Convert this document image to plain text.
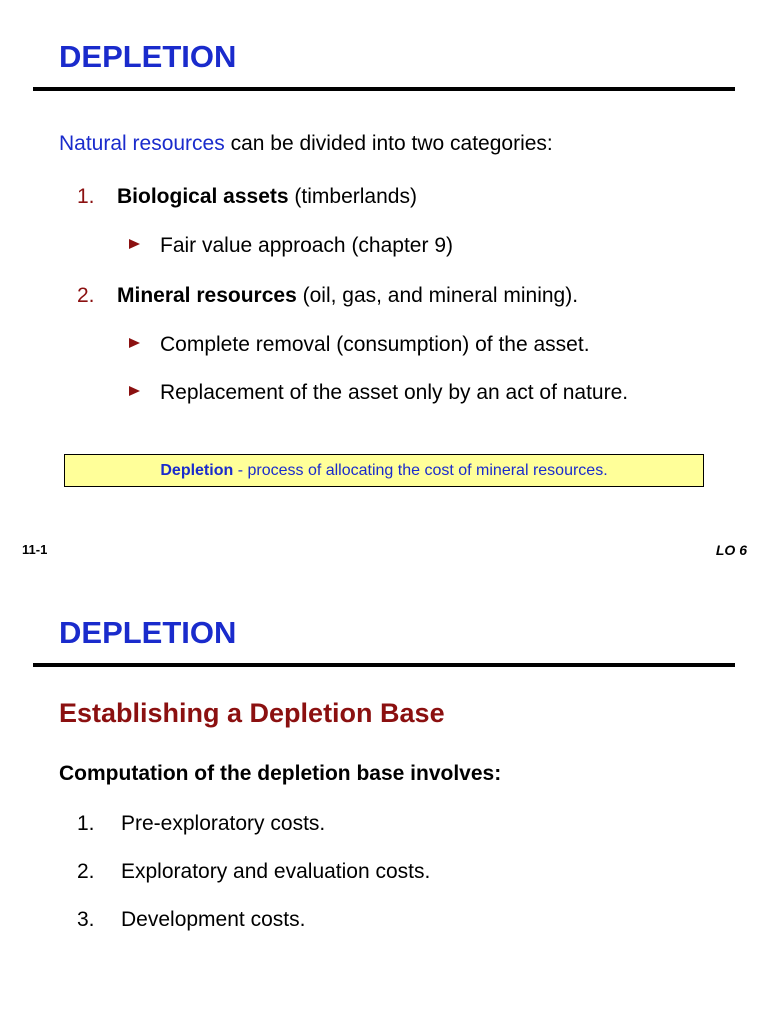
DEPLETION
Natural resources can be divided into two categories:
1. Biological assets (timberlands)
Fair value approach (chapter 9)
2. Mineral resources (oil, gas, and mineral mining).
Complete removal (consumption) of the asset.
Replacement of the asset only by an act of nature.
Depletion - process of allocating the cost of mineral resources.
11-1	LO 6
DEPLETION
Establishing a Depletion Base
Computation of the depletion base involves:
1. Pre-exploratory costs.
2. Exploratory and evaluation costs.
3. Development costs.
